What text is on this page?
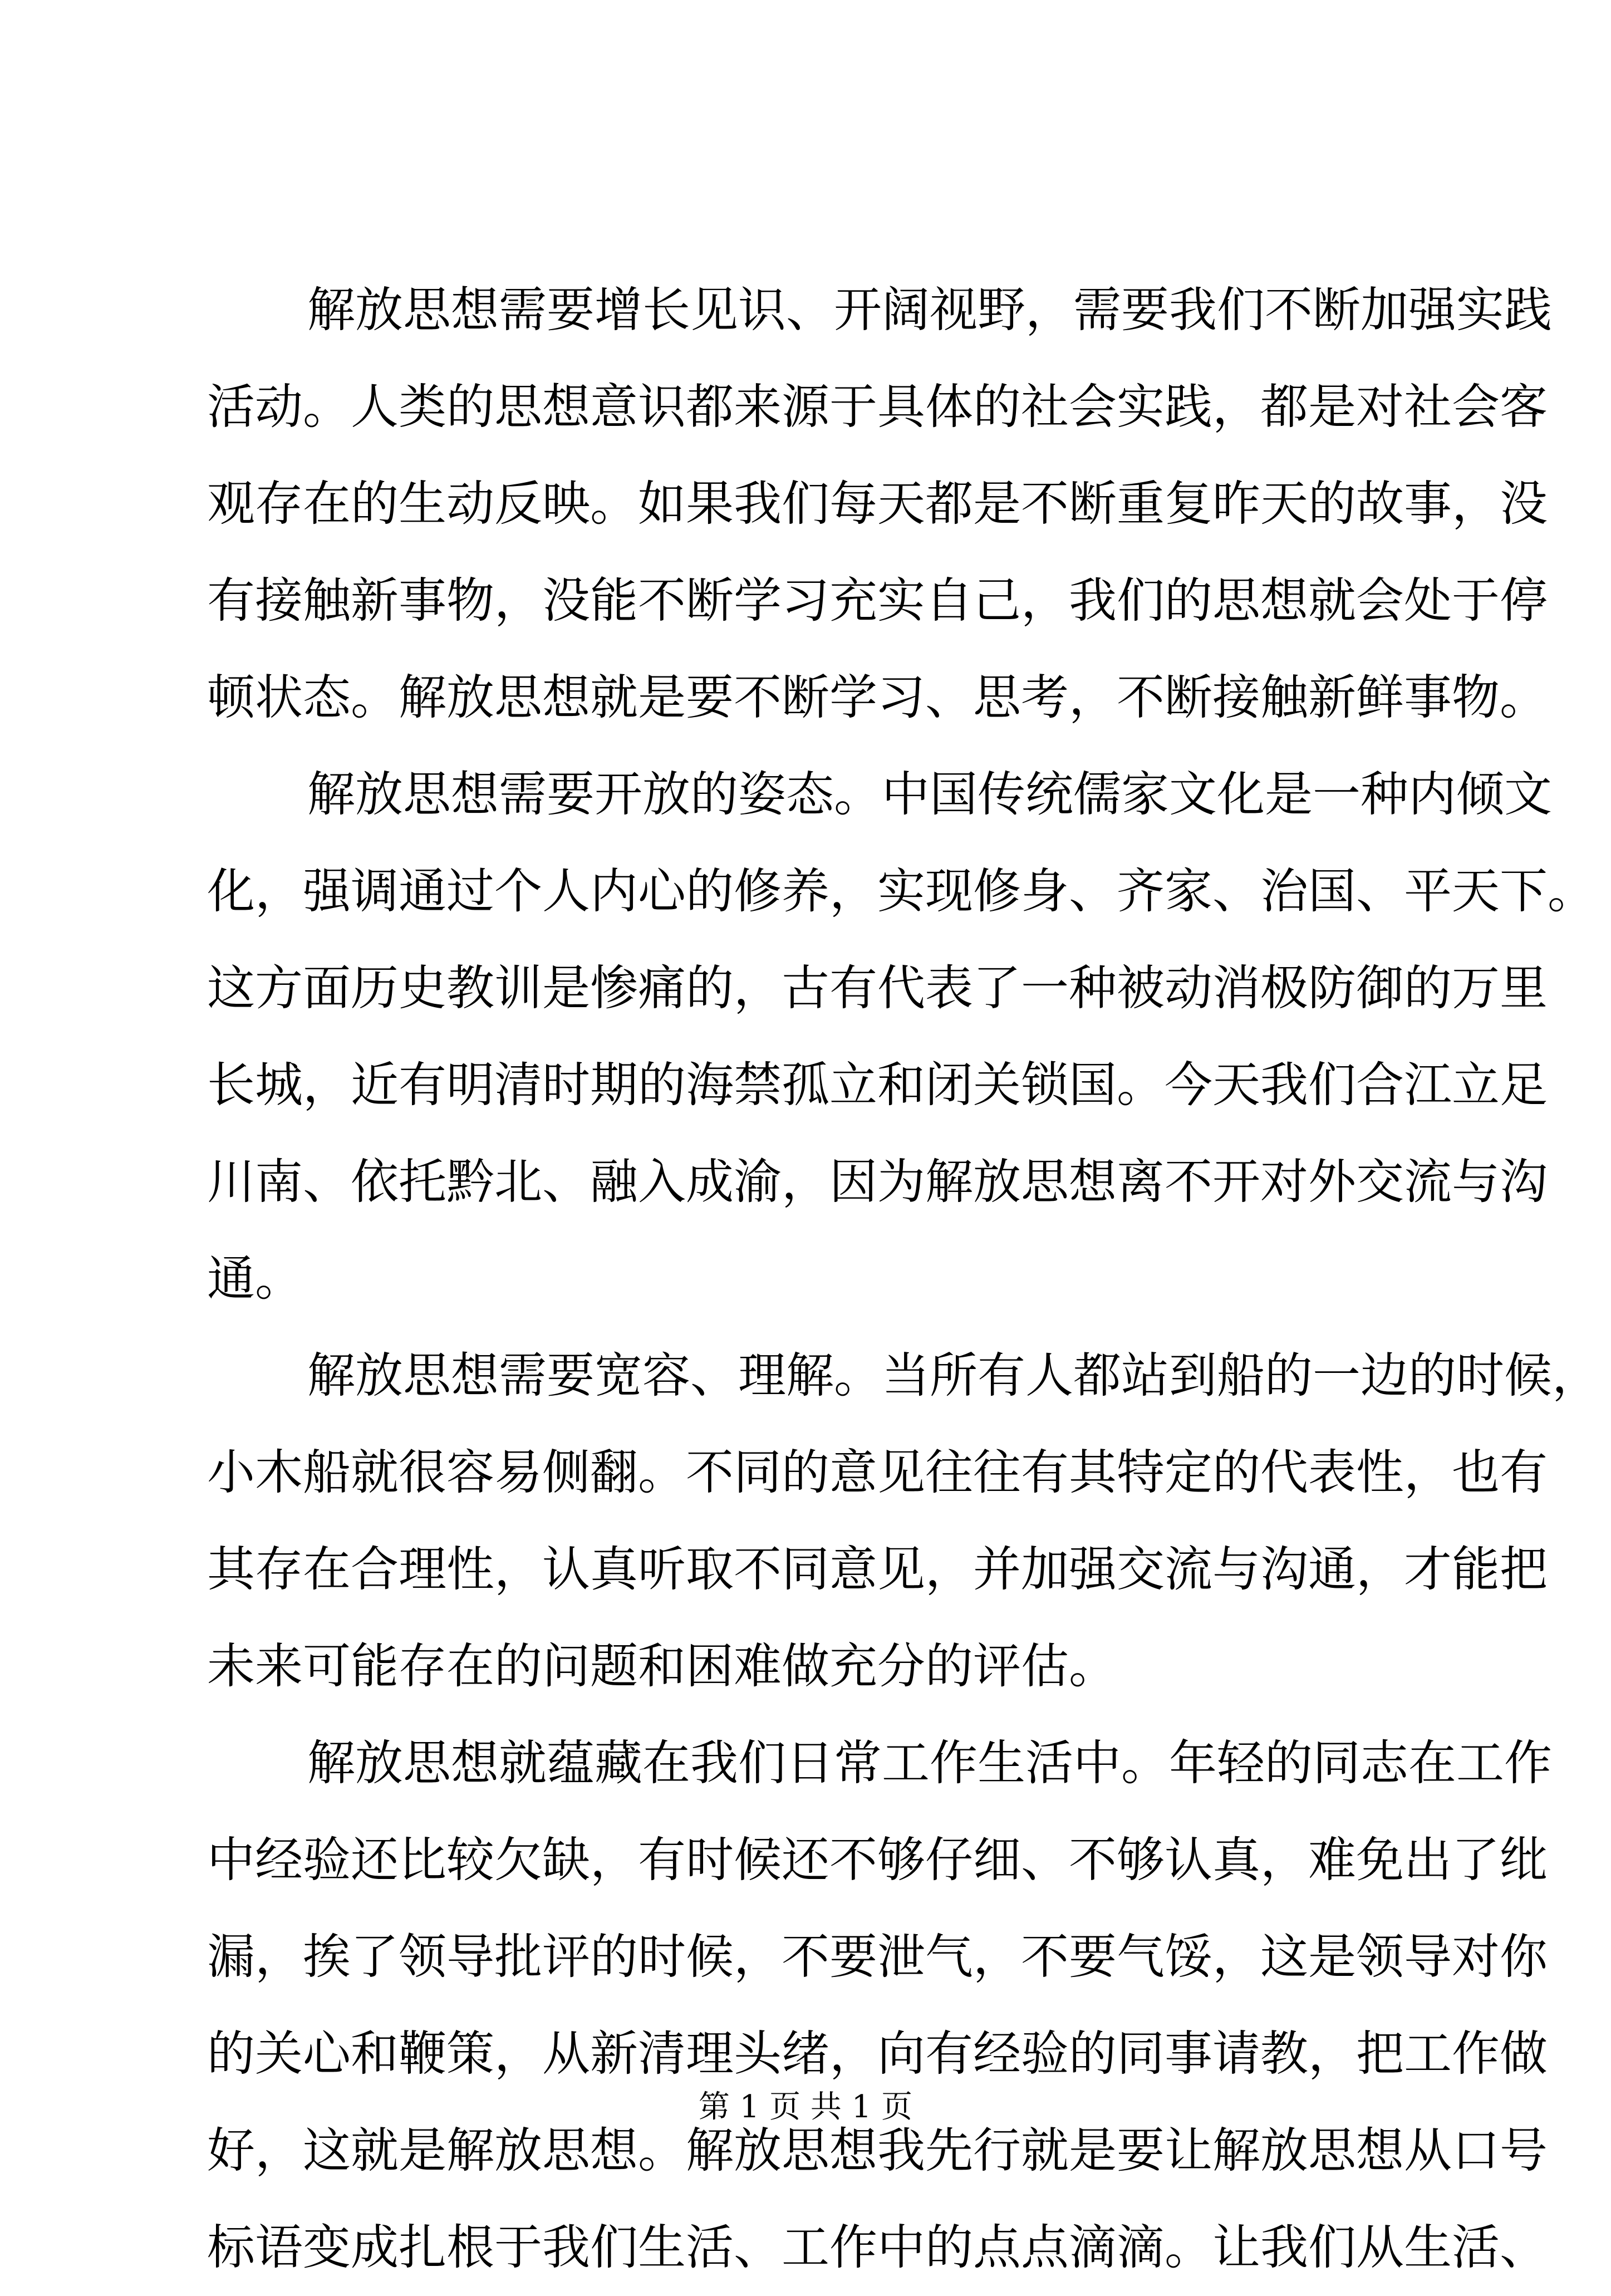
解放思想需要增长见识、开阔视野，需要我们不断加强实践
活动。人类的思想意识都来源于具体的社会实践，都是对社会客
观存在的生动反映。如果我们每天都是不断重复昨天的故事，没
有接触新事物，没能不断学习充实自己，我们的思想就会处于停
顿状态。解放思想就是要不断学习、思考，不断接触新鲜事物。
解放思想需要开放的姿态。中国传统儒家文化是一种内倾文
化，强调通过个人内心的修养，实现修身、齐家、治国、平天下。
这方面历史教训是惨痛的，古有代表了一种被动消极防御的万里
长城，近有明清时期的海禁孤立和闭关锁国。今天我们合江立足
川南、依托黔北、融入成渝，因为解放思想离不开对外交流与沟
通。
解放思想需要宽容、理解。当所有人都站到船的一边的时候，
小木船就很容易侧翻。不同的意见往往有其特定的代表性，也有
其存在合理性，认真听取不同意见，并加强交流与沟通，才能把
未来可能存在的问题和困难做充分的评估。
解放思想就蕴藏在我们日常工作生活中。年轻的同志在工作
中经验还比较欠缺，有时候还不够仔细、不够认真，难免出了纰
漏，挨了领导批评的时候，不要泄气，不要气馁，这是领导对你
的关心和鞭策，从新清理头绪，向有经验的同事请教，把工作做
好，这就是解放思想。解放思想我先行就是要让解放思想从口号
标语变成扎根于我们生活、工作中的点点滴滴。让我们从生活、
第 1 页 共 1 页
